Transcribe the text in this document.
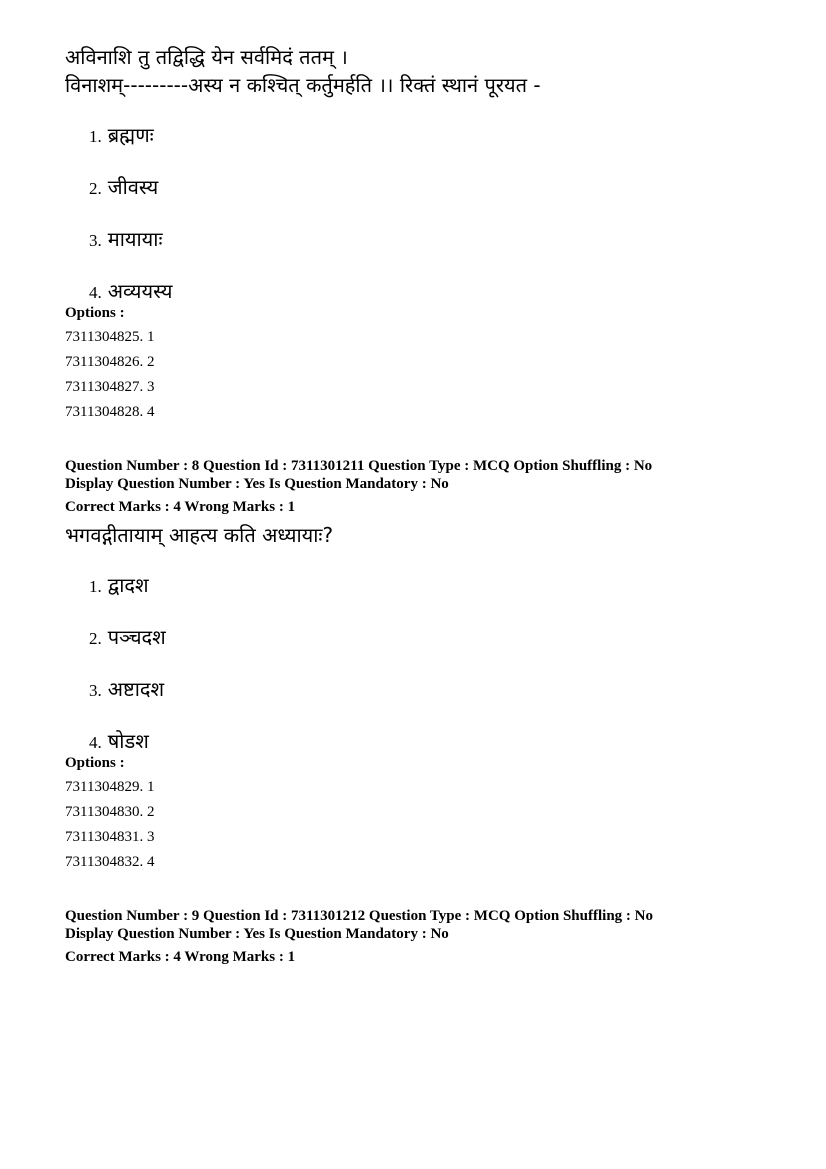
अविनाशि तु तद्विद्धि येन सर्वमिदं ततम् ।
विनाशम्---------अस्य न कश्चित् कर्तुमर्हति ।। रिक्तं स्थानं पूरयत -
1. ब्रह्मणः
2. जीवस्य
3. मायायाः
4. अव्ययस्य
Options :
7311304825. 1
7311304826. 2
7311304827. 3
7311304828. 4
Question Number : 8 Question Id : 7311301211 Question Type : MCQ Option Shuffling : No
Display Question Number : Yes Is Question Mandatory : No
Correct Marks : 4 Wrong Marks : 1
भगवद्गीतायाम् आहत्य कति अध्यायाः?
1. द्वादश
2. पञ्चदश
3. अष्टादश
4. षोडश
Options :
7311304829. 1
7311304830. 2
7311304831. 3
7311304832. 4
Question Number : 9 Question Id : 7311301212 Question Type : MCQ Option Shuffling : No
Display Question Number : Yes Is Question Mandatory : No
Correct Marks : 4 Wrong Marks : 1
